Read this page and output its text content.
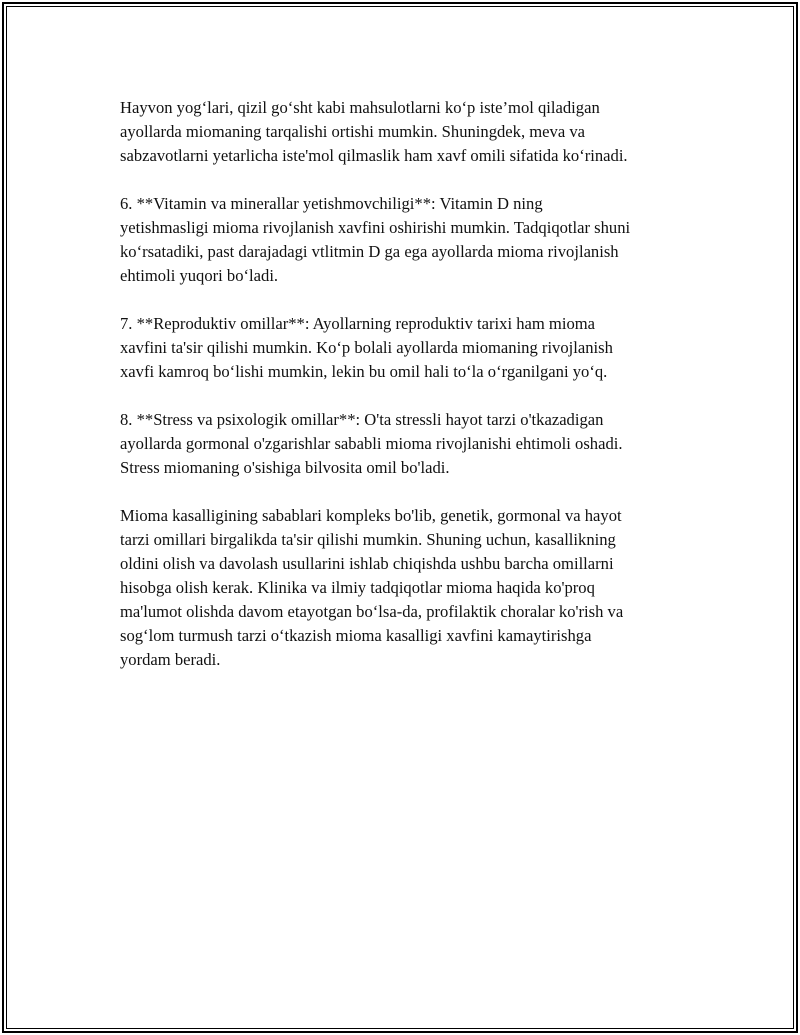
Hayvon yog‘lari, qizil go‘sht kabi mahsulotlarni ko‘p iste’mol qiladigan
ayollarda miomaning tarqalishi ortishi mumkin. Shuningdek, meva va
sabzavotlarni yetarlicha iste'mol qilmaslik ham xavf omili sifatida ko‘rinadi.

6. **Vitamin va minerallar yetishmovchiligi**: Vitamin D ning
yetishmasligi mioma rivojlanish xavfini oshirishi mumkin. Tadqiqotlar shuni
ko‘rsatadiki, past darajadagi vtlitmin D ga ega ayollarda mioma rivojlanish
ehtimoli yuqori bo‘ladi.

7. **Reproduktiv omillar**: Ayollarning reproduktiv tarixi ham mioma
xavfini ta'sir qilishi mumkin. Ko‘p bolali ayollarda miomaning rivojlanish
xavfi kamroq bo‘lishi mumkin, lekin bu omil hali to‘la o‘rganilgani yo‘q.

8. **Stress va psixologik omillar**: O'ta stressli hayot tarzi o'tkazadigan
ayollarda gormonal o'zgarishlar sababli mioma rivojlanishi ehtimoli oshadi.
Stress miomaning o'sishiga bilvosita omil bo'ladi.

Mioma kasalligining sabablari kompleks bo'lib, genetik, gormonal va hayot
tarzi omillari birgalikda ta'sir qilishi mumkin. Shuning uchun, kasallikning
oldini olish va davolash usullarini ishlab chiqishda ushbu barcha omillarni
hisobga olish kerak. Klinika va ilmiy tadqiqotlar mioma haqida ko'proq
ma'lumot olishda davom etayotgan bo‘lsa-da, profilaktik choralar ko'rish va
sog‘lom turmush tarzi o‘tkazish mioma kasalligi xavfini kamaytirishga
yordam beradi.
